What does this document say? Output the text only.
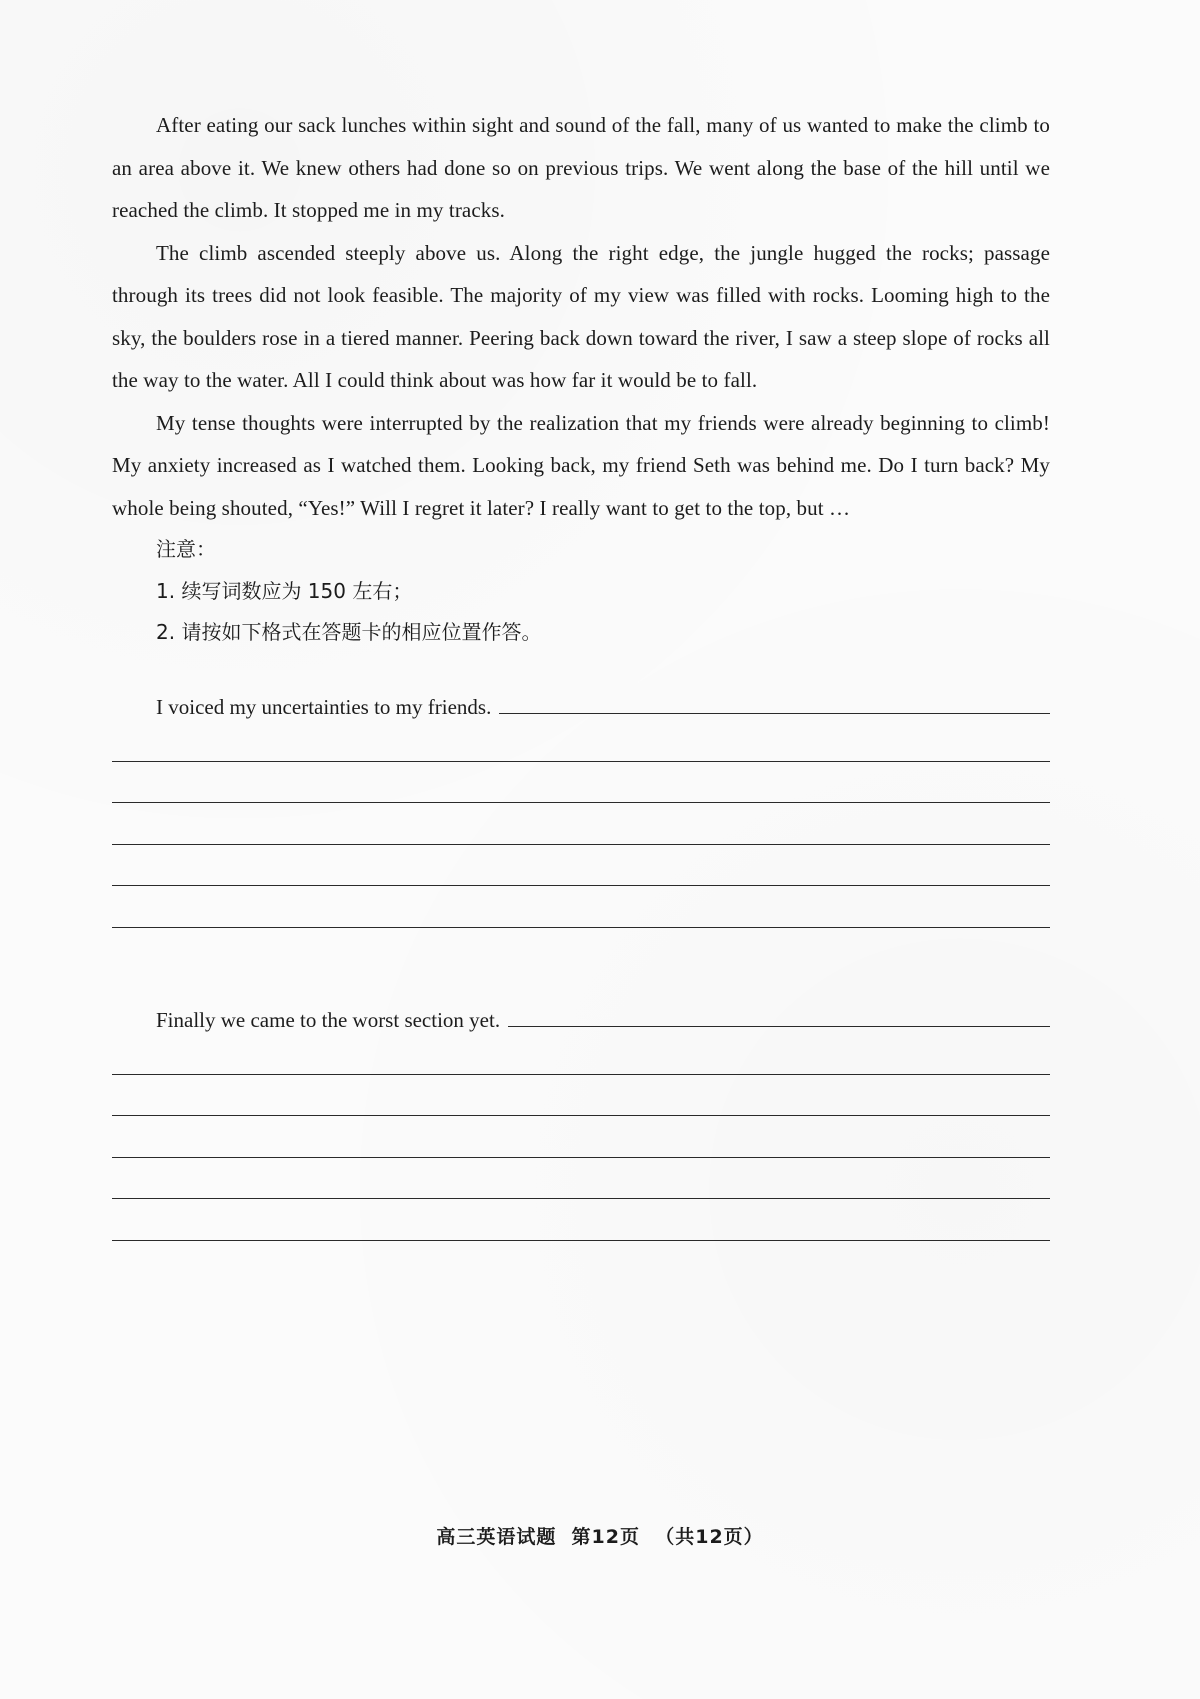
After eating our sack lunches within sight and sound of the fall, many of us wanted to make the climb to an area above it. We knew others had done so on previous trips. We went along the base of the hill until we reached the climb. It stopped me in my tracks.

The climb ascended steeply above us. Along the right edge, the jungle hugged the rocks; passage through its trees did not look feasible. The majority of my view was filled with rocks. Looming high to the sky, the boulders rose in a tiered manner. Peering back down toward the river, I saw a steep slope of rocks all the way to the water. All I could think about was how far it would be to fall.

My tense thoughts were interrupted by the realization that my friends were already beginning to climb! My anxiety increased as I watched them. Looking back, my friend Seth was behind me. Do I turn back? My whole being shouted, “Yes!” Will I regret it later? I really want to get to the top, but …

注意：
1. 续写词数应为 150 左右；
2. 请按如下格式在答题卡的相应位置作答。
I voiced my uncertainties to my friends.
Finally we came to the worst section yet.
高三英语试题  第12页  （共12页）
